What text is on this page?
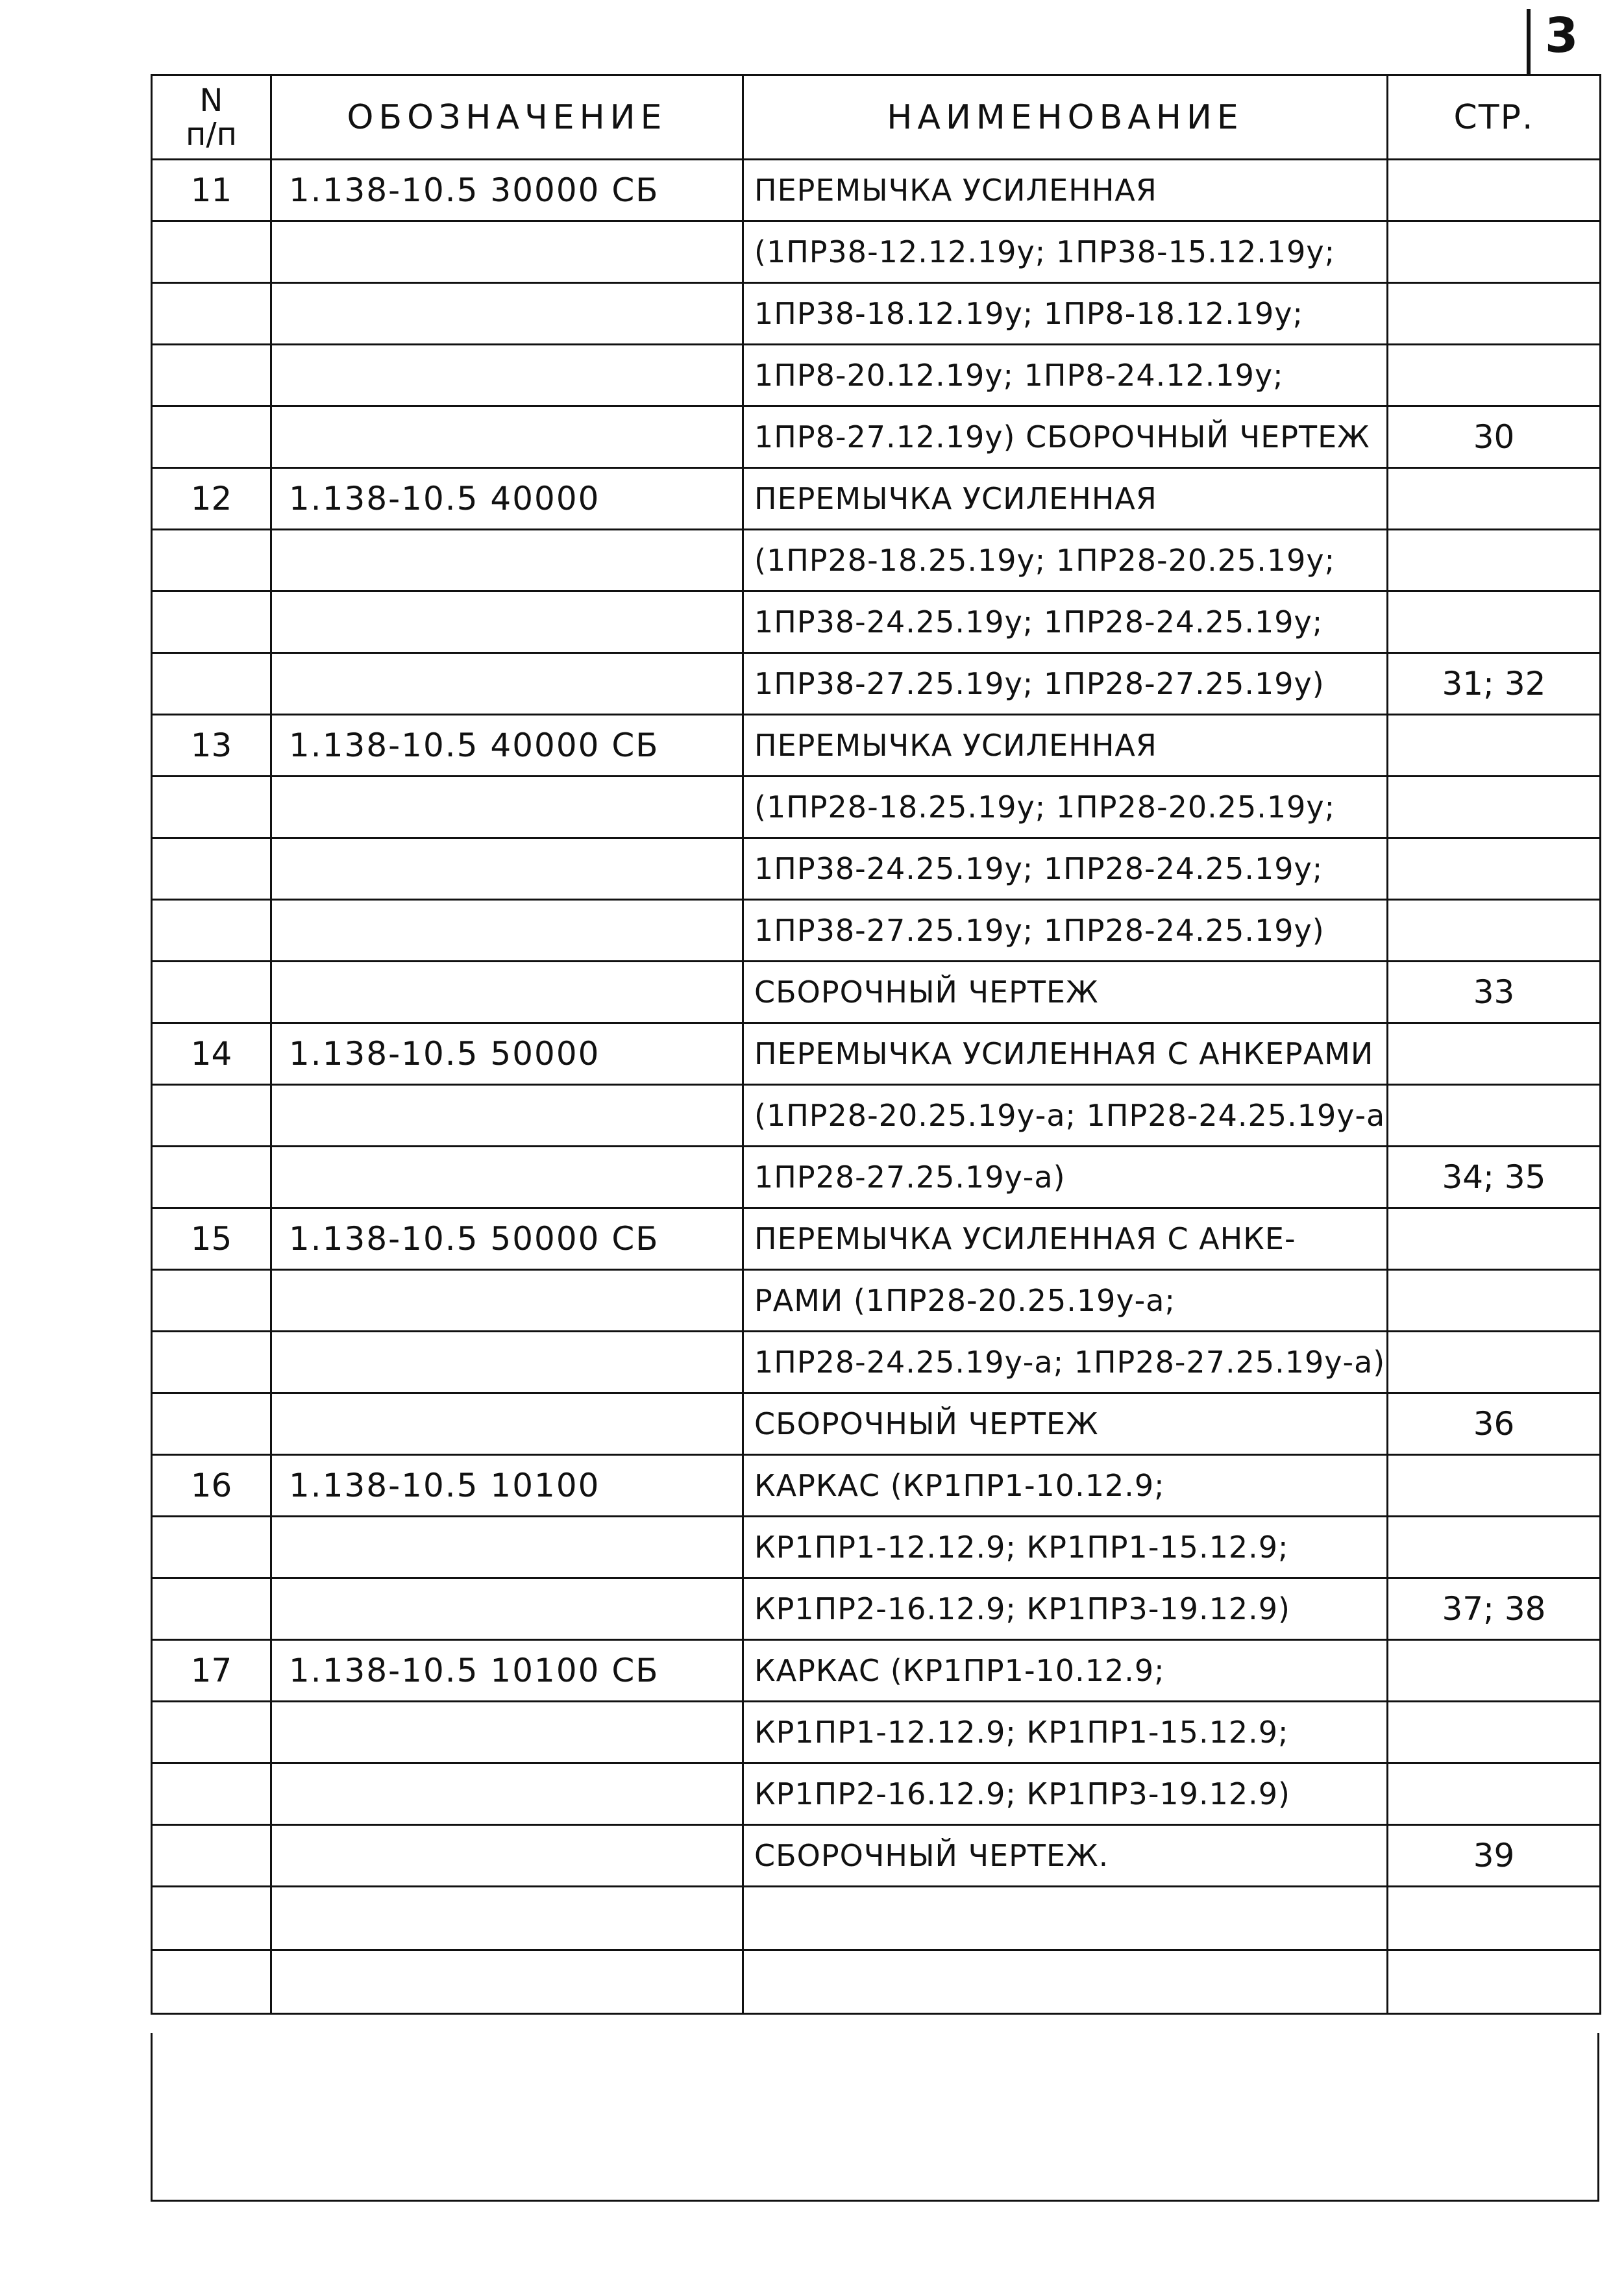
3
N
п/п	ОБОЗНАЧЕНИЕ	НАИМЕНОВАНИЕ	СТР.
11	1.138-10.5 30000 СБ	ПЕРЕМЫЧКА УСИЛЕННАЯ	
		(1ПР38-12.12.19у; 1ПР38-15.12.19у;	
		1ПР38-18.12.19у; 1ПР8-18.12.19у;	
		1ПР8-20.12.19у; 1ПР8-24.12.19у;	
		1ПР8-27.12.19у) СБОРОЧНЫЙ ЧЕРТЕЖ	30
12	1.138-10.5 40000	ПЕРЕМЫЧКА УСИЛЕННАЯ	
		(1ПР28-18.25.19у; 1ПР28-20.25.19у;	
		1ПР38-24.25.19у; 1ПР28-24.25.19у;	
		1ПР38-27.25.19у; 1ПР28-27.25.19у)	31; 32
13	1.138-10.5 40000 СБ	ПЕРЕМЫЧКА УСИЛЕННАЯ	
		(1ПР28-18.25.19у; 1ПР28-20.25.19у;	
		1ПР38-24.25.19у; 1ПР28-24.25.19у;	
		1ПР38-27.25.19у; 1ПР28-24.25.19у)	
		СБОРОЧНЫЙ ЧЕРТЕЖ	33
14	1.138-10.5 50000	ПЕРЕМЫЧКА УСИЛЕННАЯ С АНКЕРАМИ	
		(1ПР28-20.25.19у-а; 1ПР28-24.25.19у-а	
		1ПР28-27.25.19у-а)	34; 35
15	1.138-10.5 50000 СБ	ПЕРЕМЫЧКА УСИЛЕННАЯ С АНКЕ-	
		РАМИ (1ПР28-20.25.19у-а;	
		1ПР28-24.25.19у-а; 1ПР28-27.25.19у-а)	
		СБОРОЧНЫЙ ЧЕРТЕЖ	36
16	1.138-10.5 10100	КАРКАС (КР1ПР1-10.12.9;	
		КР1ПР1-12.12.9; КР1ПР1-15.12.9;	
		КР1ПР2-16.12.9; КР1ПР3-19.12.9)	37; 38
17	1.138-10.5 10100 СБ	КАРКАС (КР1ПР1-10.12.9;	
		КР1ПР1-12.12.9; КР1ПР1-15.12.9;	
		КР1ПР2-16.12.9; КР1ПР3-19.12.9)	
		СБОРОЧНЫЙ ЧЕРТЕЖ.	39
